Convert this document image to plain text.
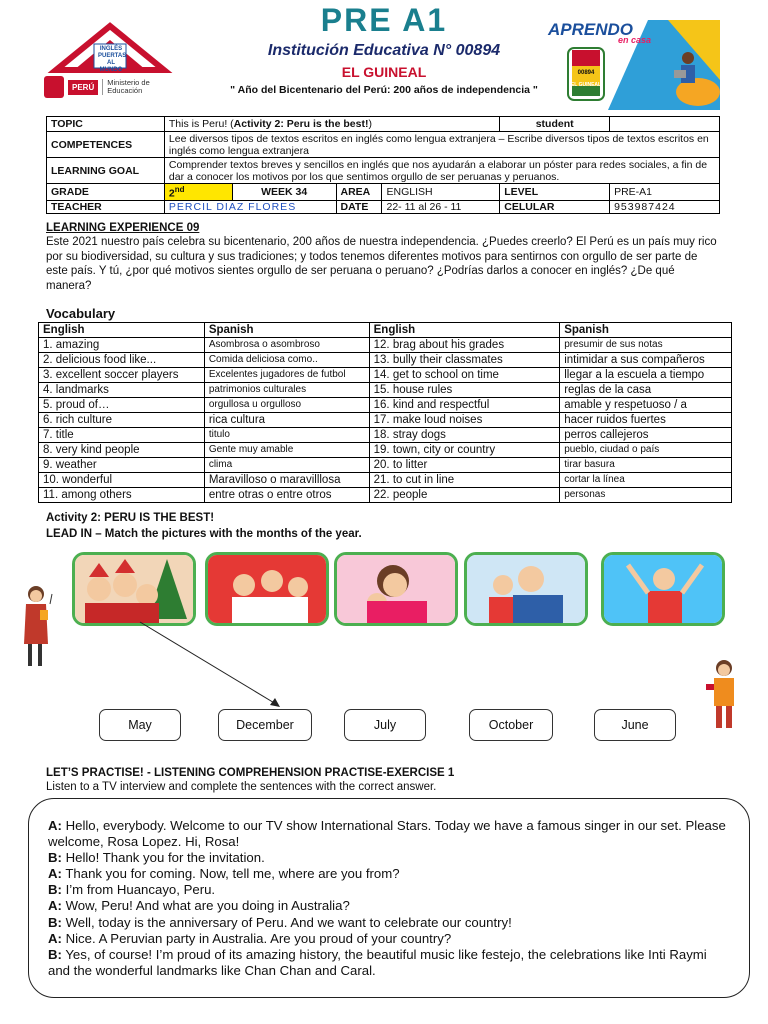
INGLÉS
PUERTAS
AL MUNDO
PERÚ	Ministerio de Educación
PRE A1
Institución Educativa N° 00894
EL GUINEAL
" Año del Bicentenario del Perú: 200 años de independencia "
APRENDO
en casa
00894
EL GUINEAL
TOPIC	This is Peru! (Activity 2: Peru is the best!)				student	
COMPETENCES	Lee diversos tipos de textos escritos en inglés como lengua extranjera – Escribe diversos tipos de textos escritos en inglés como lengua extranjera					
LEARNING GOAL	Comprender textos breves y sencillos en inglés que nos ayudarán a elaborar un póster para redes sociales, a fin de dar a conocer los motivos por los que sentimos orgullo de ser peruanas y peruanos.					
GRADE	2nd	WEEK 34	AREA	ENGLISH	LEVEL	PRE-A1
TEACHER	PERCIL DIAZ FLORES		DATE	22- 11 al 26 - 11	CELULAR	953987424
LEARNING EXPERIENCE 09
Este 2021 nuestro país celebra su bicentenario, 200 años de nuestra independencia. ¿Puedes creerlo? El Perú es un país muy rico por su biodiversidad, su cultura y sus tradiciones; y todos tenemos diferentes motivos para sentirnos con orgullo de ser parte de este país. Y tú, ¿por qué motivos sientes orgullo de ser peruana o peruano? ¿Podrías darlos a conocer en inglés? ¿De qué manera?
Vocabulary
English	Spanish	English	Spanish
1. amazing	Asombrosa o asombroso	12. brag about his grades	presumir de sus notas
2. delicious food like...	Comida deliciosa como..	13. bully their classmates	intimidar a sus compañeros
3. excellent soccer players	Excelentes jugadores de futbol	14. get to school on time	llegar a la escuela a tiempo
4. landmarks	patrimonios culturales	15. house rules	reglas de la casa
5. proud of…	orgullosa u orgulloso	16. kind and respectful	amable y respetuoso / a
6. rich culture	rica cultura	17. make loud noises	hacer ruidos fuertes
7. title	titulo	18. stray dogs	perros callejeros
8. very kind people	Gente muy amable	19. town, city or country	pueblo, ciudad o país
9. weather	clima	20. to litter	tirar basura
10. wonderful	Maravilloso o maravilllosa	21. to cut in line	cortar la línea
11. among others	entre otras o entre otros	22. people	personas
Activity 2: PERU IS THE BEST!
LEAD IN – Match the pictures with the months of the year.
May	December	July	October	June
LET’S PRACTISE! - LISTENING COMPREHENSION PRACTISE-EXERCISE 1
Listen to a TV interview and complete the sentences with the correct answer.
A: Hello, everybody. Welcome to our TV show International Stars. Today we have a famous singer in our set. Please welcome, Rosa Lopez. Hi, Rosa!
B: Hello! Thank you for the invitation.
A: Thank you for coming. Now, tell me, where are you from?
B: I’m from Huancayo, Peru.
A: Wow, Peru! And what are you doing in Australia?
B: Well, today is the anniversary of Peru. And we want to celebrate our country!
A: Nice. A Peruvian party in Australia. Are you proud of your country?
B: Yes, of course! I’m proud of its amazing history, the beautiful music like festejo, the celebrations like Inti Raymi and the wonderful landmarks like Chan Chan and Caral.
